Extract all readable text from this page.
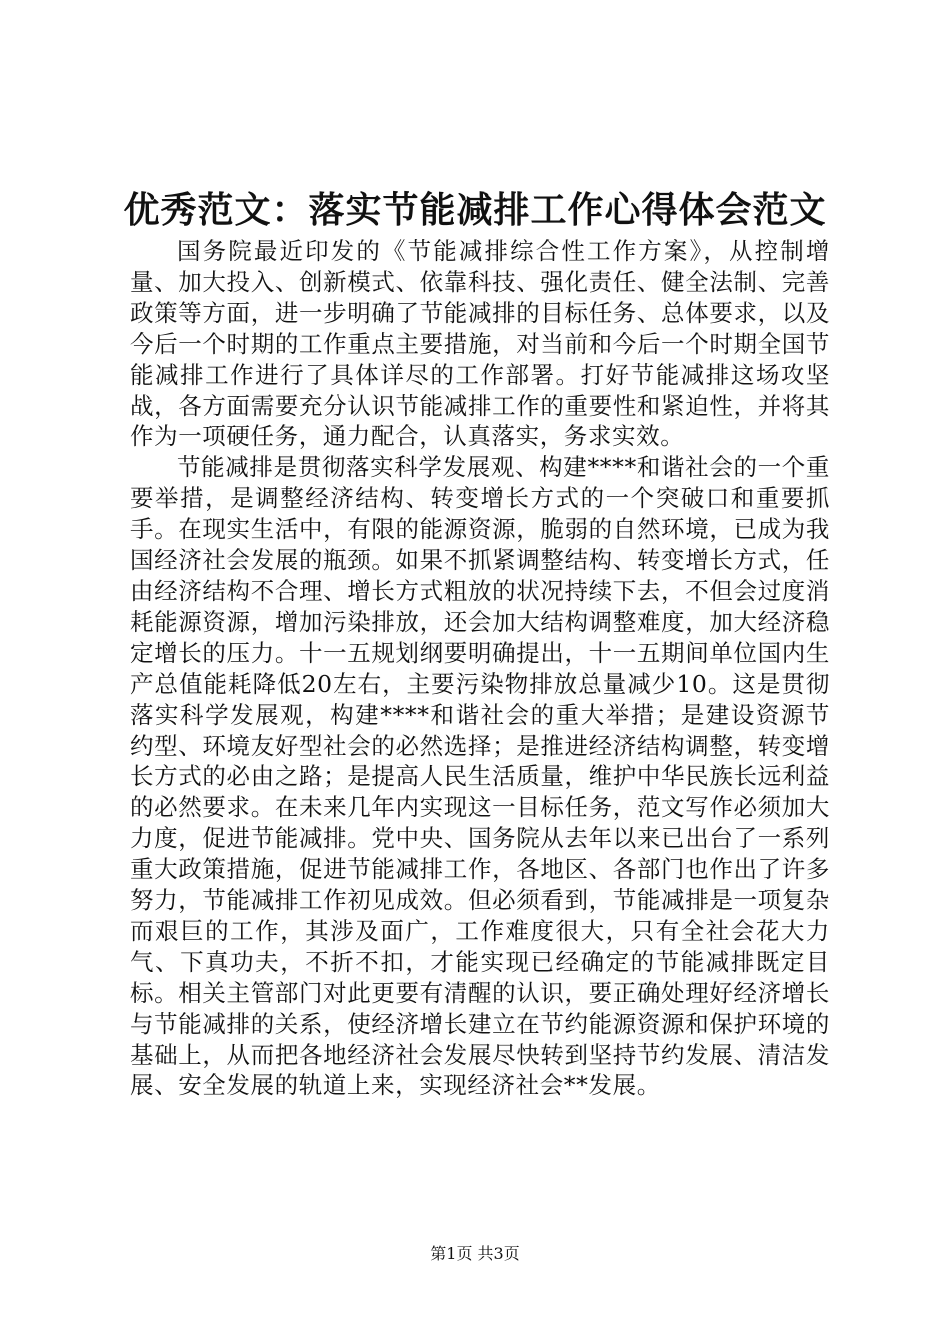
优秀范文：落实节能减排工作心得体会范文

国务院最近印发的《节能减排综合性工作方案》，从控制增量、加大投入、创新模式、依靠科技、强化责任、健全法制、完善政策等方面，进一步明确了节能减排的目标任务、总体要求，以及今后一个时期的工作重点主要措施，对当前和今后一个时期全国节能减排工作进行了具体详尽的工作部署。打好节能减排这场攻坚战，各方面需要充分认识节能减排工作的重要性和紧迫性，并将其作为一项硬任务，通力配合，认真落实，务求实效。

节能减排是贯彻落实科学发展观、构建****和谐社会的一个重要举措，是调整经济结构、转变增长方式的一个突破口和重要抓手。在现实生活中，有限的能源资源，脆弱的自然环境，已成为我国经济社会发展的瓶颈。如果不抓紧调整结构、转变增长方式，任由经济结构不合理、增长方式粗放的状况持续下去，不但会过度消耗能源资源，增加污染排放，还会加大结构调整难度，加大经济稳定增长的压力。十一五规划纲要明确提出，十一五期间单位国内生产总值能耗降低20左右，主要污染物排放总量减少10。这是贯彻落实科学发展观，构建****和谐社会的重大举措；是建设资源节约型、环境友好型社会的必然选择；是推进经济结构调整，转变增长方式的必由之路；是提高人民生活质量，维护中华民族长远利益的必然要求。在未来几年内实现这一目标任务，范文写作必须加大力度，促进节能减排。党中央、国务院从去年以来已出台了一系列重大政策措施，促进节能减排工作，各地区、各部门也作出了许多努力，节能减排工作初见成效。但必须看到，节能减排是一项复杂而艰巨的工作，其涉及面广，工作难度很大，只有全社会花大力气、下真功夫，不折不扣，才能实现已经确定的节能减排既定目标。相关主管部门对此更要有清醒的认识，要正确处理好经济增长与节能减排的关系，使经济增长建立在节约能源资源和保护环境的基础上，从而把各地经济社会发展尽快转到坚持节约发展、清洁发展、安全发展的轨道上来，实现经济社会**发展。

第1页 共3页
